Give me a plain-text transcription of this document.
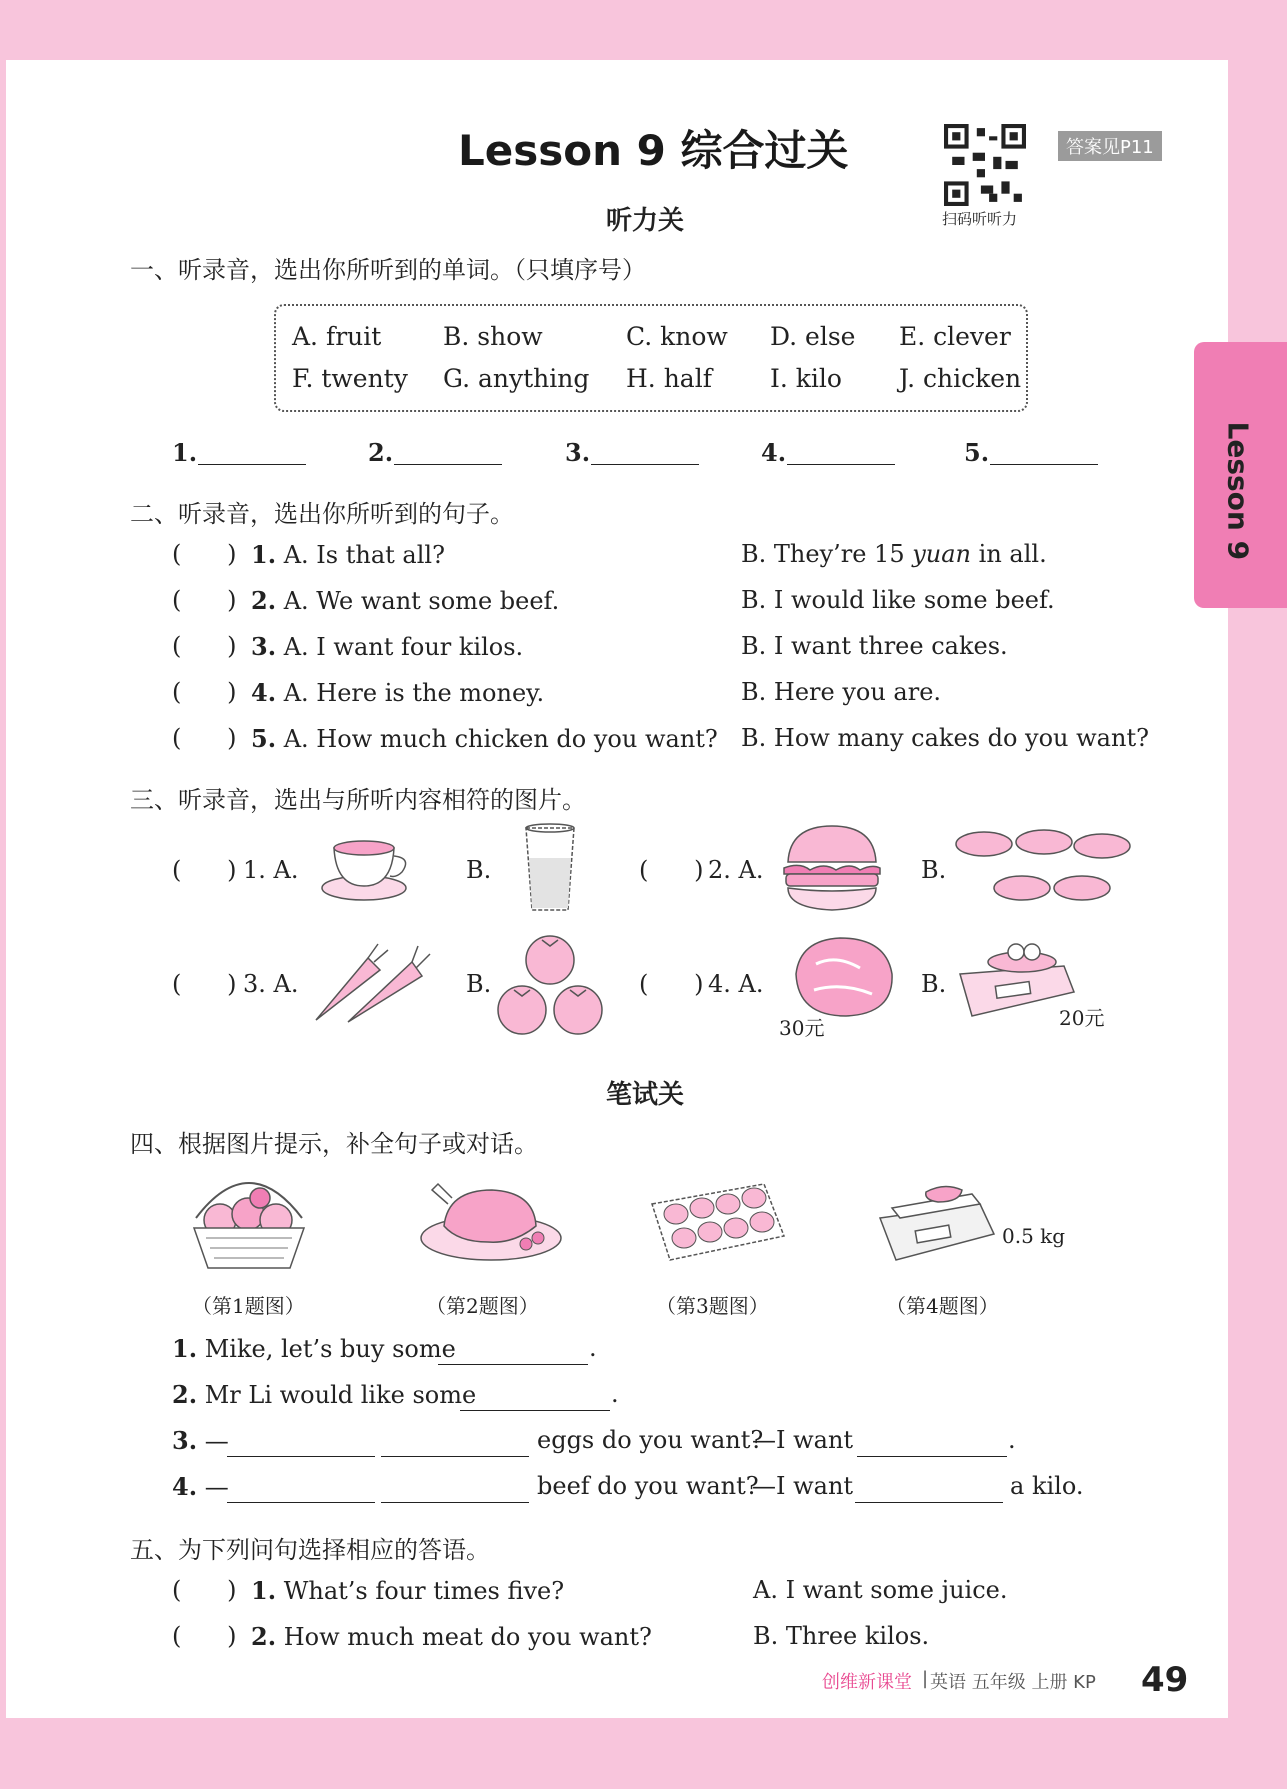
Lesson 9 综合过关
扫码听听力
答案见P11
Lesson 9
听力关
一、听录音，选出你所听到的单词。（只填序号）
A. fruit B. show	C. know D. else E. clever
F. twenty G. anything H. half I. kilo J. chicken
1.	2.	3.	4.	5.
二、听录音，选出你所听到的句子。
(      ) 1. A. Is that all?	B. They’re 15 yuan in all.
(      ) 2. A. We want some beef.	B. I would like some beef.
(      ) 3. A. I want four kilos.	B. I want three cakes.
(      ) 4. A. Here is the money.	B. Here you are.
(      ) 5. A. How much chicken do you want? B. How many cakes do you want?
三、听录音，选出与所听内容相符的图片。
(      ) 1. A.	B.	(      ) 2. A.	B.
(      ) 3. A.	B.	(      ) 4. A.
30元
B.
20元
笔试关
四、根据图片提示，补全句子或对话。
0.5 kg
（第1题图）	（第2题图）	（第3题图）	（第4题图）
1. Mike, let’s buy some	.
2. Mr Li would like some	.
3. —	eggs do you want?
—I want	.
4. —	beef do you want?
—I want	a kilo.
五、为下列问句选择相应的答语。
(      ) 1. What’s four times five?	A. I want some juice.
(      ) 2. How much meat do you want?	B. Three kilos.
创维新课堂 | 英语 五年级 上册 KP 49
